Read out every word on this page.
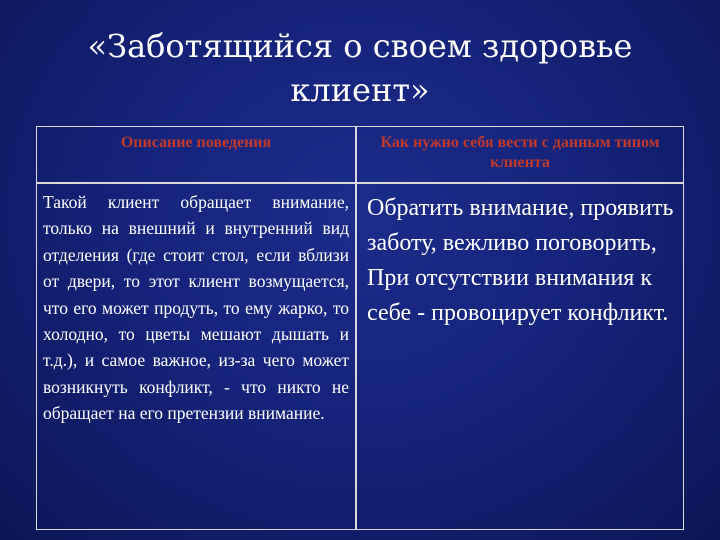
«Заботящийся о своем здоровье
клиент»
Описание поведения	Как нужно себя вести с данным типом клиента
Такой клиент обращает внимание, только на внешний и внутренний вид отделения (где стоит стол, если вблизи от двери, то этот клиент возмущается, что его может продуть, то ему жарко, то холодно, то цветы мешают дышать и т.д.), и самое важное, из-за чего может возникнуть конфликт, - что никто не обращает на его претензии внимание.
Обратить внимание, проявить заботу, вежливо поговорить, При отсутствии внимания к себе - провоцирует конфликт.
